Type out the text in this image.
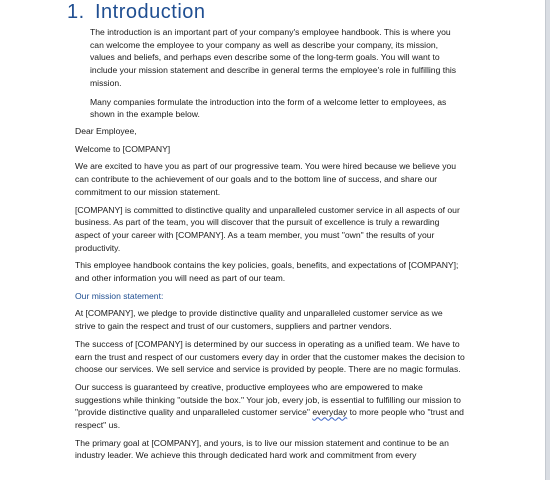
1. Introduction

The introduction is an important part of your company's employee handbook. This is where you can welcome the employee to your company as well as describe your company, its mission, values and beliefs, and perhaps even describe some of the long-term goals. You will want to include your mission statement and describe in general terms the employee's role in fulfilling this mission.

Many companies formulate the introduction into the form of a welcome letter to employees, as shown in the example below.

Dear Employee,

Welcome to [COMPANY]

We are excited to have you as part of our progressive team. You were hired because we believe you can contribute to the achievement of our goals and to the bottom line of success, and share our commitment to our mission statement.

[COMPANY] is committed to distinctive quality and unparalleled customer service in all aspects of our business. As part of the team, you will discover that the pursuit of excellence is truly a rewarding aspect of your career with [COMPANY]. As a team member, you must "own" the results of your productivity.

This employee handbook contains the key policies, goals, benefits, and expectations of [COMPANY]; and other information you will need as part of our team.

Our mission statement:

At [COMPANY], we pledge to provide distinctive quality and unparalleled customer service as we strive to gain the respect and trust of our customers, suppliers and partner vendors.

The success of [COMPANY] is determined by our success in operating as a unified team. We have to earn the trust and respect of our customers every day in order that the customer makes the decision to choose our services. We sell service and service is provided by people. There are no magic formulas.

Our success is guaranteed by creative, productive employees who are empowered to make suggestions while thinking "outside the box." Your job, every job, is essential to fulfilling our mission to "provide distinctive quality and unparalleled customer service" everyday to more people who "trust and respect" us.

The primary goal at [COMPANY], and yours, is to live our mission statement and continue to be an industry leader. We achieve this through dedicated hard work and commitment from every
